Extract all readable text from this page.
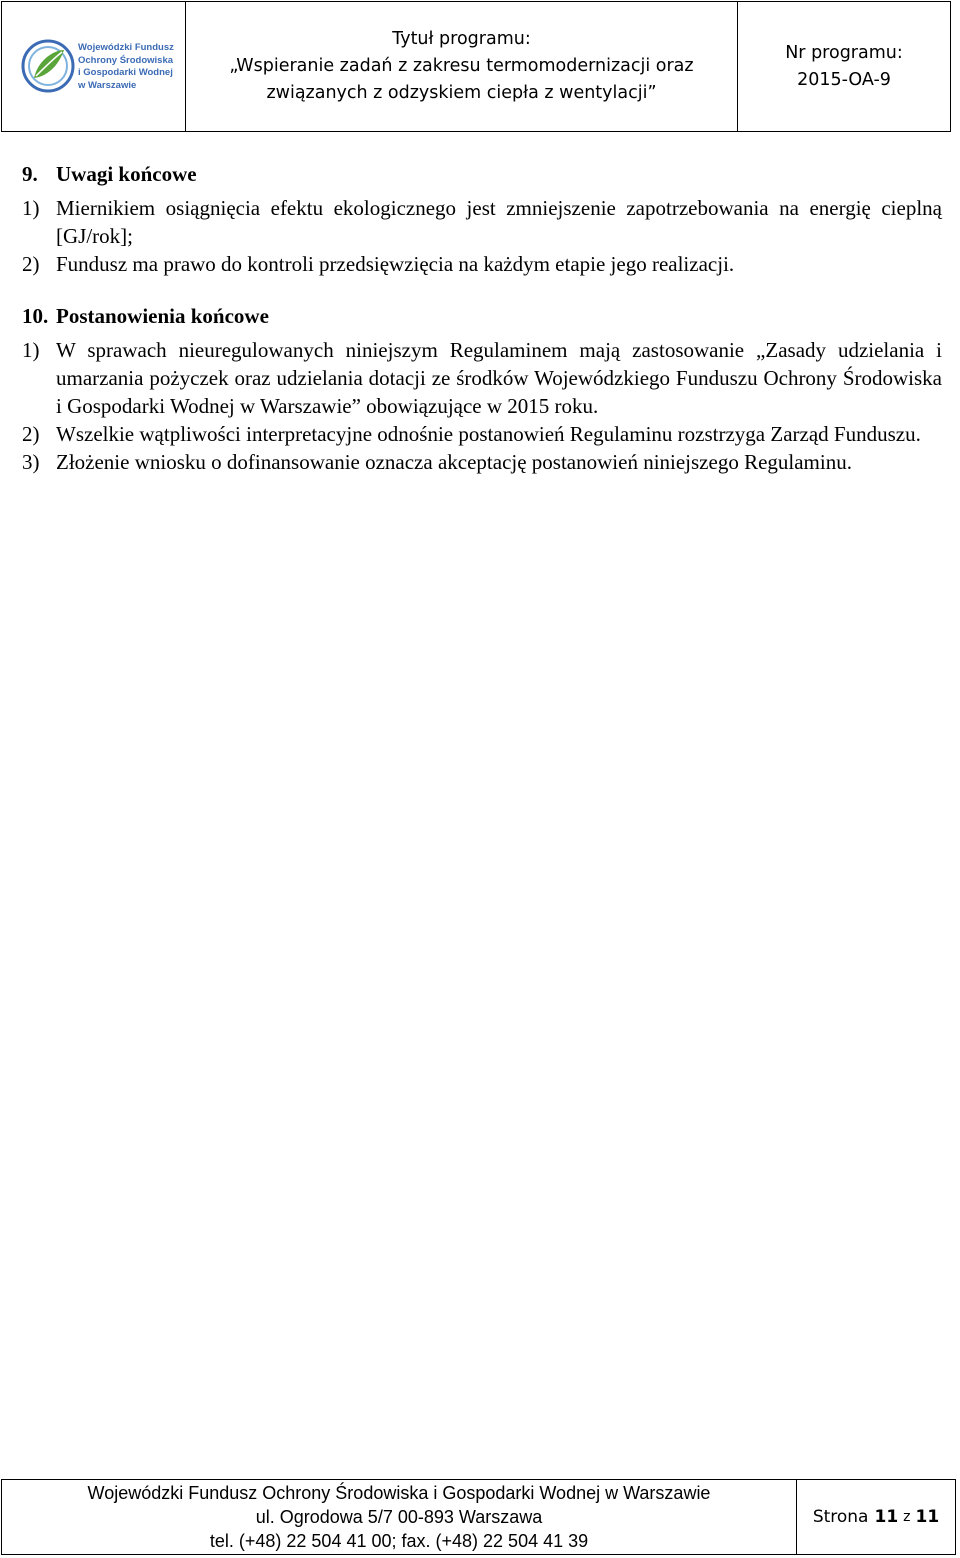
Wojewódzki Fundusz
Ochrony Środowiska
i Gospodarki Wodnej
w Warszawie
Tytuł programu:
„Wspieranie zadań z zakresu termomodernizacji oraz
związanych z odzyskiem ciepła z wentylacji”
Nr programu:
2015-OA-9
9. Uwagi końcowe
1) Miernikiem osiągnięcia efektu ekologicznego jest zmniejszenie zapotrzebowania na energię cieplną [GJ/rok];
2) Fundusz ma prawo do kontroli przedsięwzięcia na każdym etapie jego realizacji.
10. Postanowienia końcowe
1) W sprawach nieuregulowanych niniejszym Regulaminem mają zastosowanie „Zasady udzielania i umarzania pożyczek oraz udzielania dotacji ze środków Wojewódzkiego Funduszu Ochrony Środowiska i Gospodarki Wodnej w Warszawie” obowiązujące w 2015 roku.
2) Wszelkie wątpliwości interpretacyjne odnośnie postanowień Regulaminu rozstrzyga Zarząd Funduszu.
3) Złożenie wniosku o dofinansowanie oznacza akceptację postanowień niniejszego Regulaminu.
Wojewódzki Fundusz Ochrony Środowiska i Gospodarki Wodnej w Warszawie
ul. Ogrodowa 5/7 00-893 Warszawa
tel. (+48) 22 504 41 00; fax. (+48) 22 504 41 39
Strona 11 z 11
